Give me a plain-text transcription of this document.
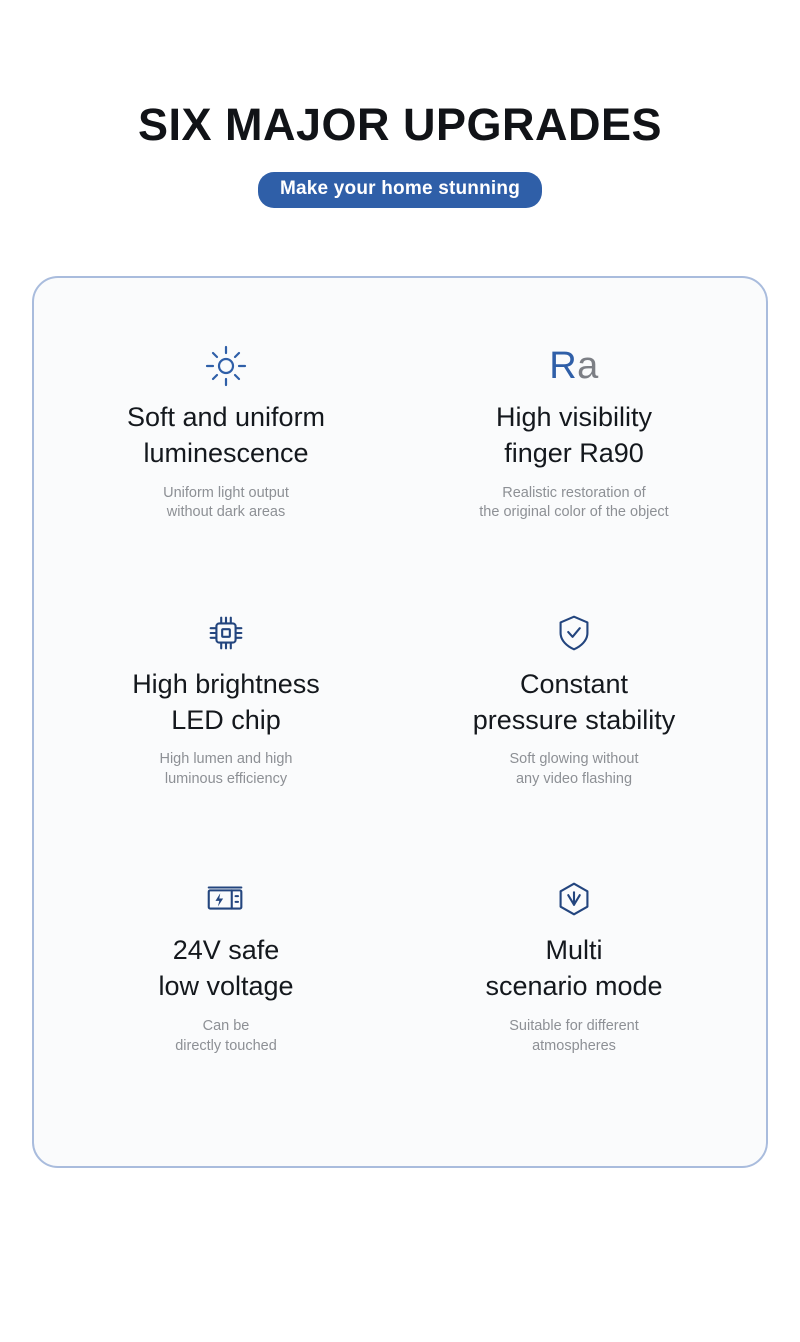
SIX MAJOR UPGRADES
Make your home stunning
Soft and uniform
luminescence
Uniform light output
without dark areas
Ra
High visibility
finger Ra90
Realistic restoration of
the original color of the object
High brightness
LED chip
High lumen and high
luminous efficiency
Constant
pressure stability
Soft glowing without
any video flashing
24V safe
low voltage
Can be
directly touched
Multi
scenario mode
Suitable for different
atmospheres
